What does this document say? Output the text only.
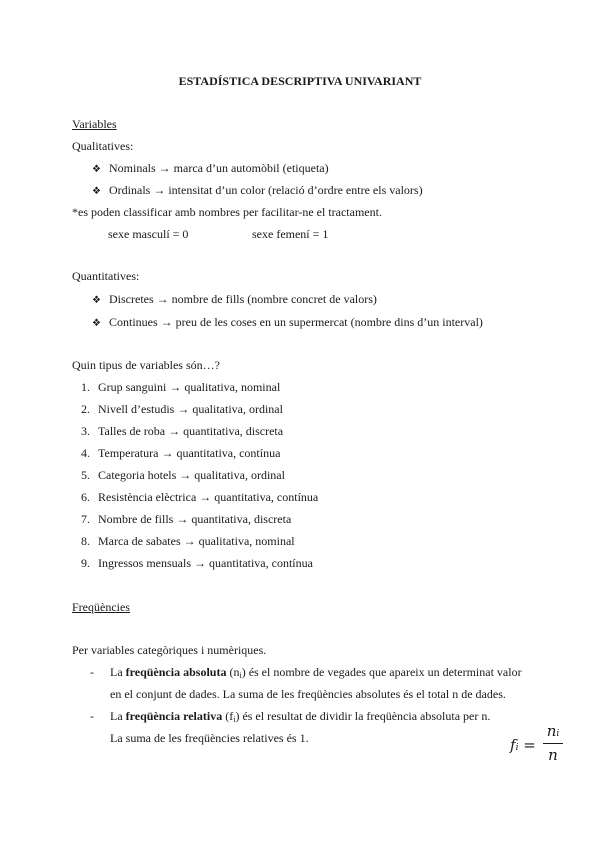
ESTADÍSTICA DESCRIPTIVA UNIVARIANT
Variables
Qualitatives:
❖ Nominals → marca d’un automòbil (etiqueta)
❖ Ordinals → intensitat d’un color (relació d’ordre entre els valors)
*es poden classificar amb nombres per facilitar-ne el tractament.
sexe masculí = 0	sexe femení = 1
Quantitatives:
❖ Discretes → nombre de fills (nombre concret de valors)
❖ Continues → preu de les coses en un supermercat (nombre dins d’un interval)
Quin tipus de variables són…?
1. Grup sanguini → qualitativa, nominal
2. Nivell d’estudis → qualitativa, ordinal
3. Talles de roba → quantitativa, discreta
4. Temperatura → quantitativa, contínua
5. Categoria hotels → qualitativa, ordinal
6. Resistència elèctrica → quantitativa, contínua
7. Nombre de fills → quantitativa, discreta
8. Marca de sabates → qualitativa, nominal
9. Ingressos mensuals → quantitativa, contínua
Freqüències
Per variables categòriques i numèriques.
- La freqüència absoluta $(n_i)$ és el nombre de vegades que apareix un determinat valor
en el conjunt de dades. La suma de les freqüències absolutes és el total n de dades.
- La freqüència relativa $(f_i)$ és el resultat de dividir la freqüència absoluta per n.
La suma de les freqüències relatives és 1.	fi =
ni
n
